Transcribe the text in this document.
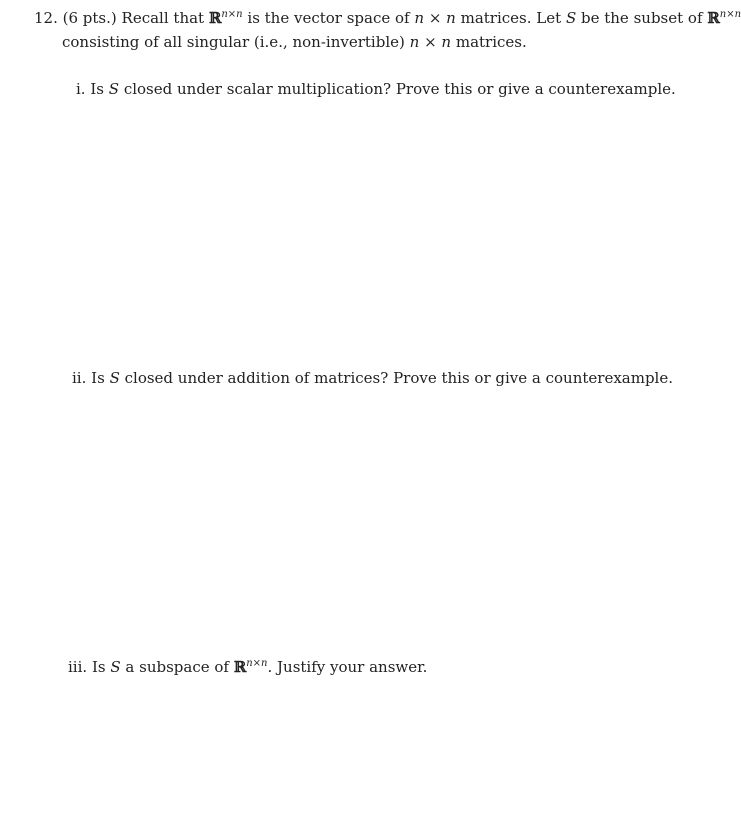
12. (6 pts.) Recall that ℝ$^{n\times n}$ is the vector space of n × n matrices. Let S be the subset of ℝ$^{n\times n}$
consisting of all singular (i.e., non-invertible) n × n matrices.
i. Is S closed under scalar multiplication? Prove this or give a counterexample.
ii. Is S closed under addition of matrices? Prove this or give a counterexample.
iii. Is S a subspace of ℝ$^{n\times n}$. Justify your answer.
